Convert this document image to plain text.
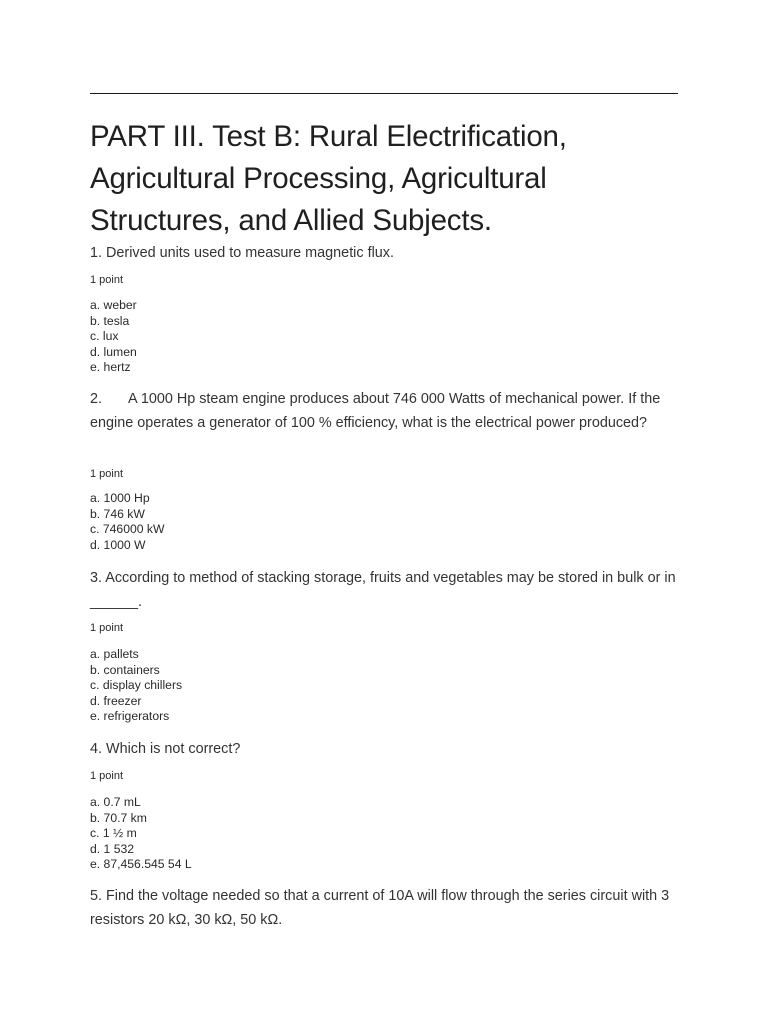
PART III. Test B: Rural Electrification, Agricultural Processing, Agricultural Structures, and Allied Subjects.
1. Derived units used to measure magnetic flux.
1 point
a. weber
b. tesla
c. lux
d. lumen
e. hertz
2. A 1000 Hp steam engine produces about 746 000 Watts of mechanical power. If the engine operates a generator of 100 % efficiency, what is the electrical power produced?
1 point
a. 1000 Hp
b. 746 kW
c. 746000 kW
d. 1000 W
3. According to method of stacking storage, fruits and vegetables may be stored in bulk or in ______.
1 point
a. pallets
b. containers
c. display chillers
d. freezer
e. refrigerators
4. Which is not correct?
1 point
a. 0.7 mL
b. 70.7 km
c. 1 ½ m
d. 1 532
e. 87,456.545 54 L
5. Find the voltage needed so that a current of 10A will flow through the series circuit with 3 resistors 20 kΩ, 30 kΩ, 50 kΩ.
